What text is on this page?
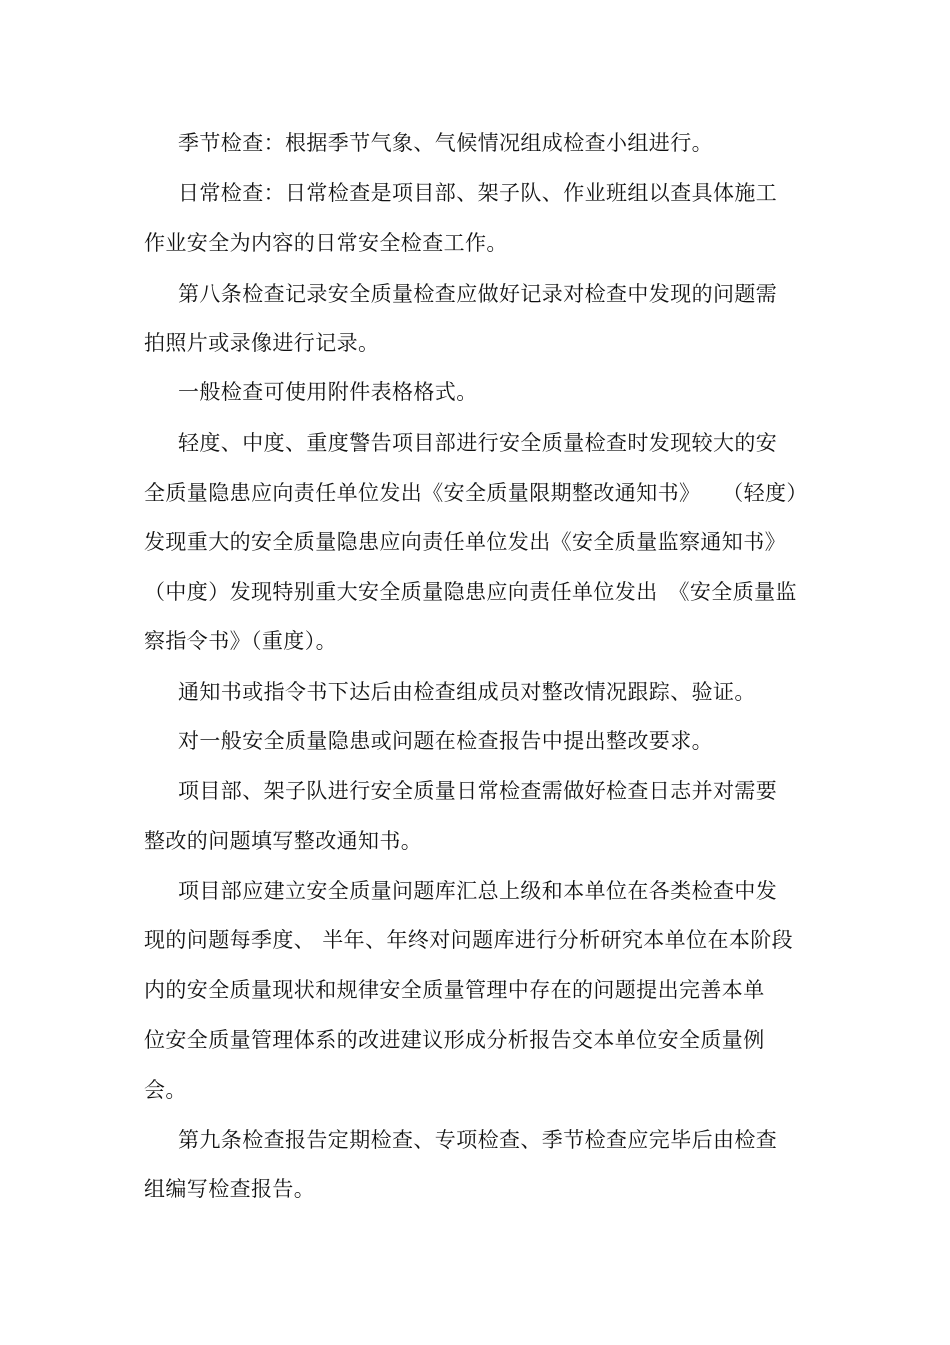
季节检查：根据季节气象、气候情况组成检查小组进行。
日常检查：日常检查是项目部、架子队、作业班组以查具体施工
作业安全为内容的日常安全检查工作。
第八条检查记录安全质量检查应做好记录对检查中发现的问题需
拍照片或录像进行记录。
一般检查可使用附件表格格式。
轻度、中度、重度警告项目部进行安全质量检查时发现较大的安
全质量隐患应向责任单位发出《安全质量限期整改通知书》　　（轻度）
发现重大的安全质量隐患应向责任单位发出《安全质量监察通知书》
（中度）发现特别重大安全质量隐患应向责任单位发出　《安全质量监
察指令书》（重度）。
通知书或指令书下达后由检查组成员对整改情况跟踪、验证。
对一般安全质量隐患或问题在检查报告中提出整改要求。
项目部、架子队进行安全质量日常检查需做好检查日志并对需要
整改的问题填写整改通知书。
项目部应建立安全质量问题库汇总上级和本单位在各类检查中发
现的问题每季度、 半年、年终对问题库进行分析研究本单位在本阶段
内的安全质量现状和规律安全质量管理中存在的问题提出完善本单
位安全质量管理体系的改进建议形成分析报告交本单位安全质量例
会。
第九条检查报告定期检查、专项检查、季节检查应完毕后由检查
组编写检查报告。
